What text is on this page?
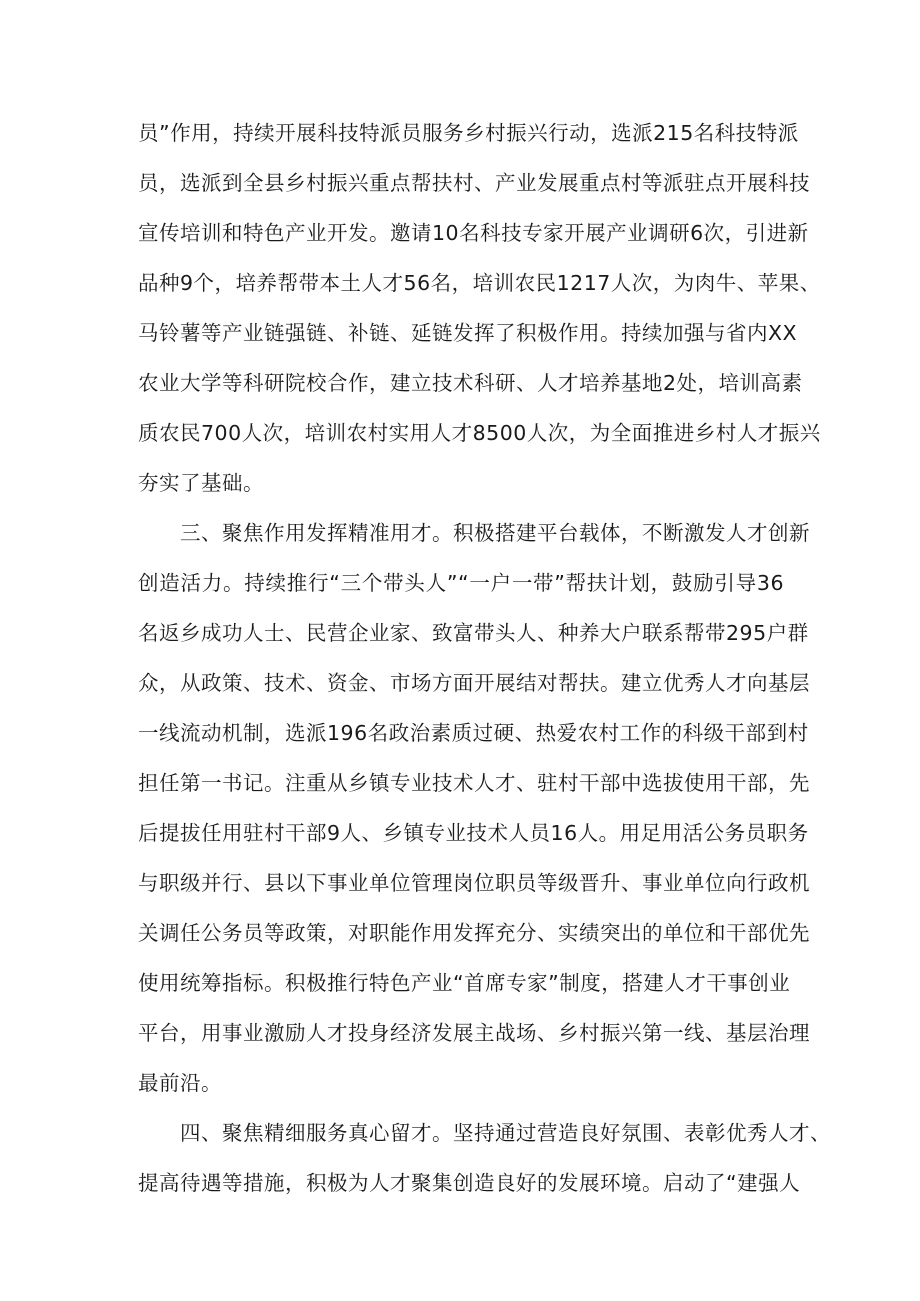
员”作用，持续开展科技特派员服务乡村振兴行动，选派215名科技特派
员，选派到全县乡村振兴重点帮扶村、产业发展重点村等派驻点开展科技
宣传培训和特色产业开发。邀请10名科技专家开展产业调研6次，引进新
品种9个，培养帮带本土人才56名，培训农民1217人次，为肉牛、苹果、
马铃薯等产业链强链、补链、延链发挥了积极作用。持续加强与省内XX
农业大学等科研院校合作，建立技术科研、人才培养基地2处，培训高素
质农民700人次，培训农村实用人才8500人次，为全面推进乡村人才振兴
夯实了基础。
三、聚焦作用发挥精准用才。积极搭建平台载体，不断激发人才创新
创造活力。持续推行“三个带头人”“一户一带”帮扶计划，鼓励引导36
名返乡成功人士、民营企业家、致富带头人、种养大户联系帮带295户群
众，从政策、技术、资金、市场方面开展结对帮扶。建立优秀人才向基层
一线流动机制，选派196名政治素质过硬、热爱农村工作的科级干部到村
担任第一书记。注重从乡镇专业技术人才、驻村干部中选拔使用干部，先
后提拔任用驻村干部9人、乡镇专业技术人员16人。用足用活公务员职务
与职级并行、县以下事业单位管理岗位职员等级晋升、事业单位向行政机
关调任公务员等政策，对职能作用发挥充分、实绩突出的单位和干部优先
使用统筹指标。积极推行特色产业“首席专家”制度，搭建人才干事创业
平台，用事业激励人才投身经济发展主战场、乡村振兴第一线、基层治理
最前沿。
四、聚焦精细服务真心留才。坚持通过营造良好氛围、表彰优秀人才、
提高待遇等措施，积极为人才聚集创造良好的发展环境。启动了“建强人
